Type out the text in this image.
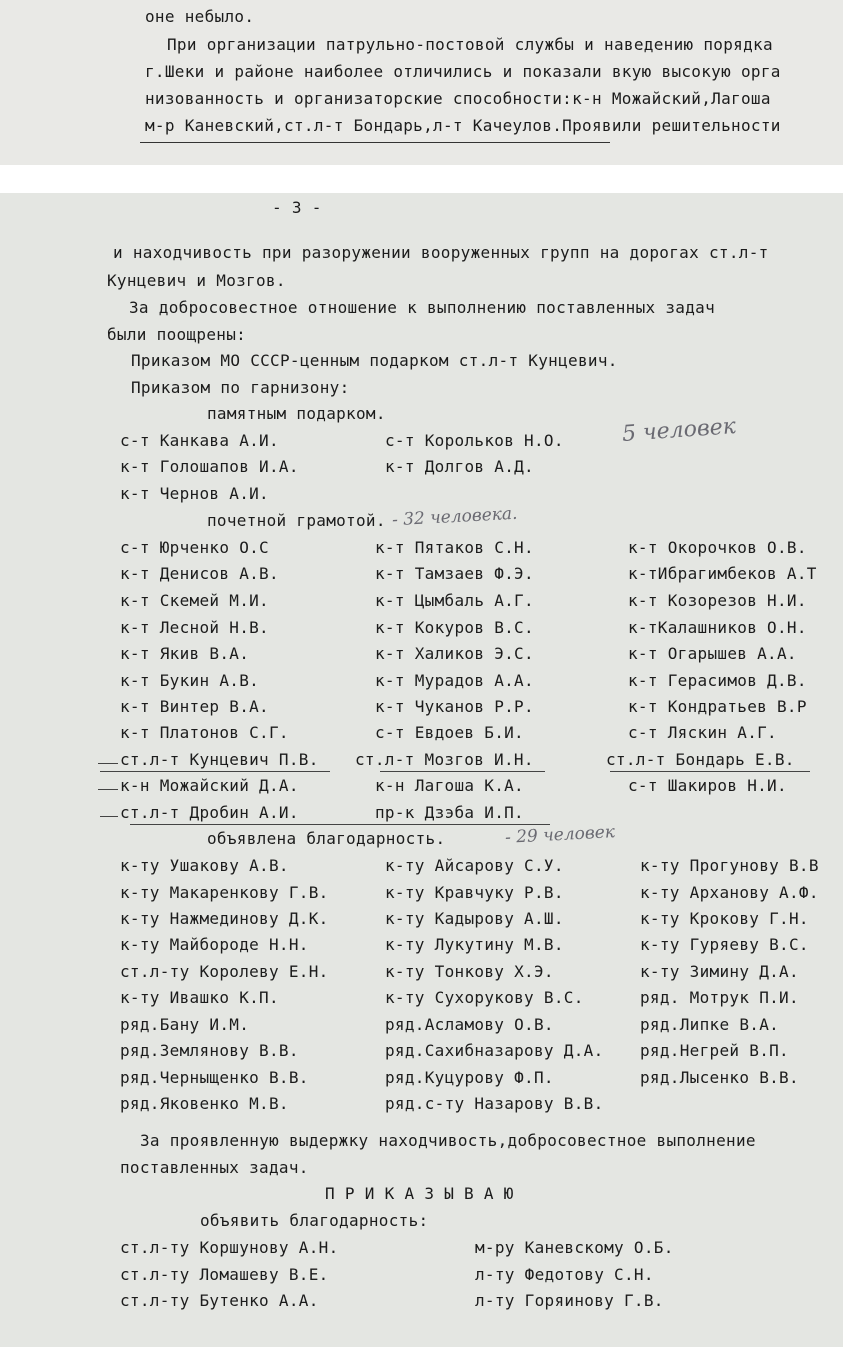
оне небыло.
При организации патрульно-постовой службы и наведению порядка
г.Шеки и районе наиболее отличились и показали вкую высокую орга
низованность и организаторские способности:к-н Можайский,Лагоша
м-р Каневский,ст.л-т Бондарь,л-т Качеулов.Проявили решительности
- 3 -
и находчивость при разоружении вооруженных групп на дорогах ст.л-т
Кунцевич и Мозгов.
За добросовестное отношение к выполнению поставленных задач
были поощрены:
Приказом МО СССР-ценным подарком ст.л-т Кунцевич.
Приказом по гарнизону:
памятным подарком.
5 человек
с-т Канкава А.И.
к-т Голошапов И.А.
к-т Чернов А.И.
с-т Корольков Н.О.
к-т Долгов А.Д.
почетной грамотой. - 32 человека.
с-т Юрченко О.С
к-т Денисов А.В.
к-т Скемей М.И.
к-т Лесной Н.В.
к-т Якив В.А.
к-т Букин А.В.
к-т Винтер В.А.
к-т Платонов С.Г.
ст.л-т Кунцевич П.В.
к-н Можайский Д.А.
ст.л-т Дробин А.И.
к-т Пятаков С.Н.
к-т Тамзаев Ф.Э.
к-т Цымбаль А.Г.
к-т Кокуров В.С.
к-т Халиков Э.С.
к-т Мурадов А.А.
к-т Чуканов Р.Р.
с-т Евдоев Б.И.
ст.л-т Мозгов И.Н.
к-н Лагоша К.А.
пр-к Дзэба И.П.
к-т Окорочков О.В.
к-тИбрагимбеков А.Т
к-т Козорезов Н.И.
к-тКалашников О.Н.
к-т Огарышев А.А.
к-т Герасимов Д.В.
к-т Кондратьев В.Р
с-т Ляскин А.Г.
ст.л-т Бондарь Е.В.
с-т Шакиров Н.И.
объявлена благодарность.	- 29 человек
к-ту Ушакову А.В.
к-ту Макаренкову Г.В.
к-ту Нажмединову Д.К.
к-ту Майбороде Н.Н.
ст.л-ту Королеву Е.Н.
к-ту Ивашко К.П.
ряд.Бану И.М.
ряд.Землянову В.В.
ряд.Черныщенко В.В.
ряд.Яковенко М.В.
к-ту Айсарову С.У.
к-ту Кравчуку Р.В.
к-ту Кадырову А.Ш.
к-ту Лукутину М.В.
к-ту Тонкову Х.Э.
к-ту Сухорукову В.С.
ряд.Асламову О.В.
ряд.Сахибназарову Д.А.
ряд.Куцурову Ф.П.
ряд.с-ту Назарову В.В.
к-ту Прогунову В.В
к-ту Арханову А.Ф.
к-ту Крокову Г.Н.
к-ту Гуряеву В.С.
к-ту Зимину Д.А.
ряд. Мотрук П.И.
ряд.Липке В.А.
ряд.Негрей В.П.
ряд.Лысенко В.В.
За проявленную выдержку находчивость,добросовестное выполнение
поставленных задач.
П Р И К А З Ы В А Ю
объявить благодарность:
ст.л-ту Коршунову А.Н.
ст.л-ту Ломашеву В.Е.
ст.л-ту Бутенко А.А.
м-ру Каневскому О.Б.
л-ту Федотову С.Н.
л-ту Горяинову Г.В.
